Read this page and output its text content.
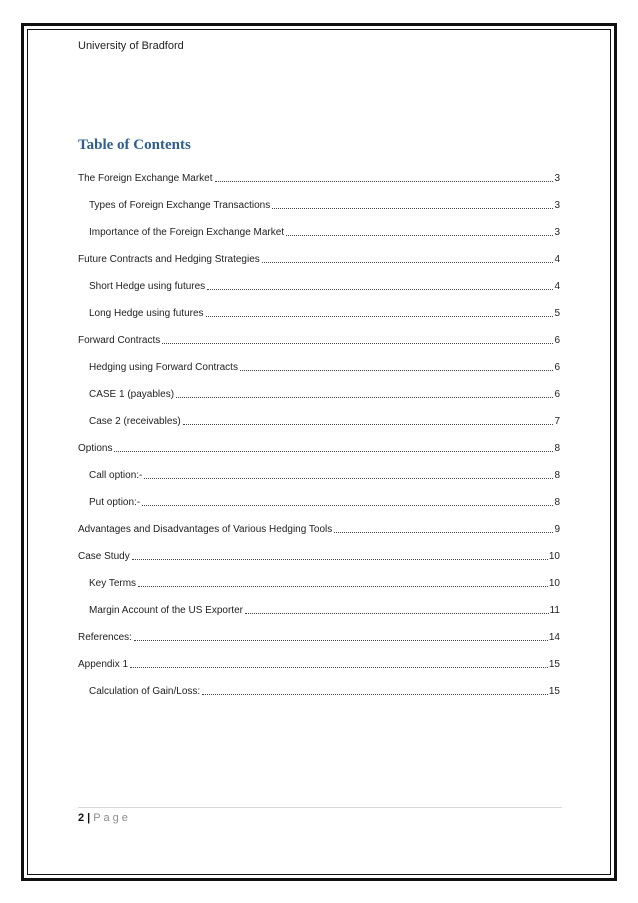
University of Bradford
Table of Contents
The Foreign Exchange Market	3
Types of Foreign Exchange Transactions	3
Importance of the Foreign Exchange Market	3
Future Contracts and Hedging Strategies	4
Short Hedge using futures	4
Long Hedge using futures	5
Forward Contracts	6
Hedging using Forward Contracts	6
CASE 1 (payables)	6
Case 2 (receivables)	7
Options	8
Call option:-	8
Put option:-	8
Advantages and Disadvantages of Various Hedging Tools	9
Case Study	10
Key Terms	10
Margin Account of the US Exporter	11
References:	14
Appendix 1	15
Calculation of Gain/Loss:	15
2 | Page
